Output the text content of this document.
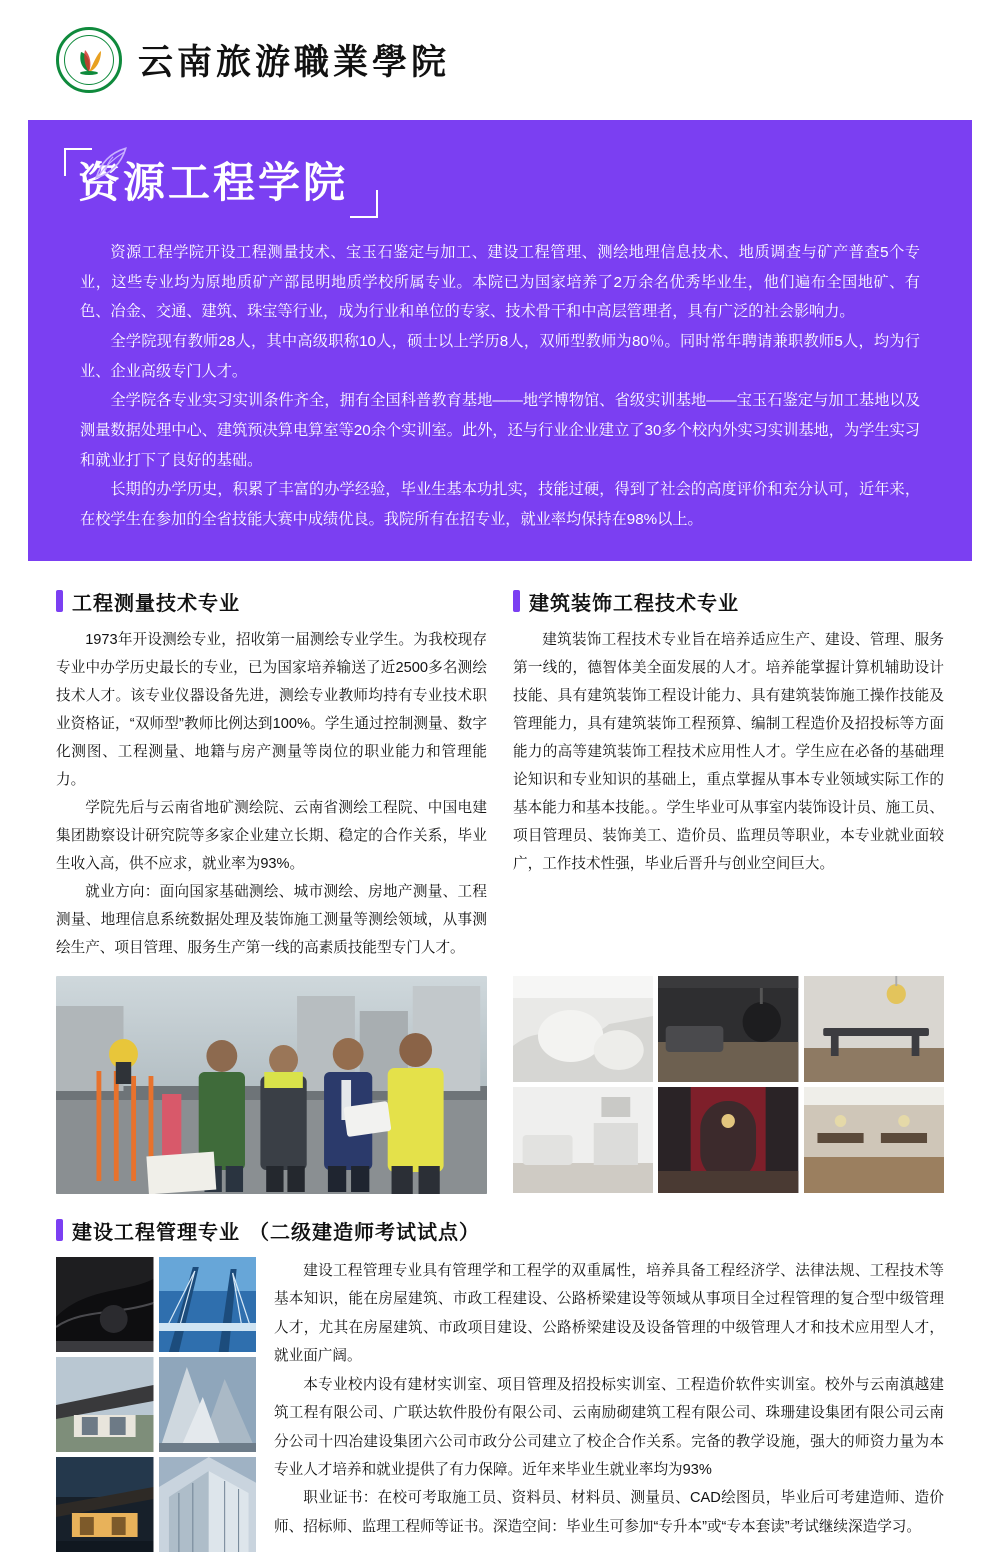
云南旅游職業學院
资源工程学院

资源工程学院开设工程测量技术、宝玉石鉴定与加工、建设工程管理、测绘地理信息技术、地质调查与矿产普查5个专业，这些专业均为原地质矿产部昆明地质学校所属专业。本院已为国家培养了2万余名优秀毕业生，他们遍布全国地矿、有色、冶金、交通、建筑、珠宝等行业，成为行业和单位的专家、技术骨干和中高层管理者，具有广泛的社会影响力。

全学院现有教师28人，其中高级职称10人，硕士以上学历8人，双师型教师为80％。同时常年聘请兼职教师5人，均为行业、企业高级专门人才。

全学院各专业实习实训条件齐全，拥有全国科普教育基地——地学博物馆、省级实训基地——宝玉石鉴定与加工基地以及测量数据处理中心、建筑预决算电算室等20余个实训室。此外，还与行业企业建立了30多个校内外实习实训基地，为学生实习和就业打下了良好的基础。

长期的办学历史，积累了丰富的办学经验，毕业生基本功扎实，技能过硬，得到了社会的高度评价和充分认可，近年来，在校学生在参加的全省技能大赛中成绩优良。我院所有在招专业，就业率均保持在98%以上。

工程测量技术专业

1973年开设测绘专业，招收第一届测绘专业学生。为我校现存专业中办学历史最长的专业，已为国家培养输送了近2500多名测绘技术人才。该专业仪器设备先进，测绘专业教师均持有专业技术职业资格证，“双师型”教师比例达到100%。学生通过控制测量、数字化测图、工程测量、地籍与房产测量等岗位的职业能力和管理能力。

学院先后与云南省地矿测绘院、云南省测绘工程院、中国电建集团勘察设计研究院等多家企业建立长期、稳定的合作关系，毕业生收入高，供不应求，就业率为93%。

就业方向：面向国家基础测绘、城市测绘、房地产测量、工程测量、地理信息系统数据处理及装饰施工测量等测绘领域，从事测绘生产、项目管理、服务生产第一线的高素质技能型专门人才。

建筑装饰工程技术专业

建筑装饰工程技术专业旨在培养适应生产、建设、管理、服务第一线的，德智体美全面发展的人才。培养能掌握计算机辅助设计技能、具有建筑装饰工程设计能力、具有建筑装饰施工操作技能及管理能力，具有建筑装饰工程预算、编制工程造价及招投标等方面能力的高等建筑装饰工程技术应用性人才。学生应在必备的基础理论知识和专业知识的基础上，重点掌握从事本专业领域实际工作的基本能力和基本技能。。学生毕业可从事室内装饰设计员、施工员、项目管理员、装饰美工、造价员、监理员等职业，本专业就业面较广，工作技术性强，毕业后晋升与创业空间巨大。

建设工程管理专业 （二级建造师考试试点）

建设工程管理专业具有管理学和工程学的双重属性，培养具备工程经济学、法律法规、工程技术等基本知识，能在房屋建筑、市政工程建设、公路桥梁建设等领域从事项目全过程管理的复合型中级管理人才，尤其在房屋建筑、市政项目建设、公路桥梁建设及设备管理的中级管理人才和技术应用型人才，就业面广阔。

本专业校内设有建材实训室、项目管理及招投标实训室、工程造价软件实训室。校外与云南滇越建筑工程有限公司、广联达软件股份有限公司、云南励砌建筑工程有限公司、珠珊建设集团有限公司云南分公司十四冶建设集团六公司市政分公司建立了校企合作关系。完备的教学设施，强大的师资力量为本专业人才培养和就业提供了有力保障。近年来毕业生就业率均为93%

职业证书：在校可考取施工员、资料员、材料员、测量员、CAD绘图员，毕业后可考建造师、造价师、招标师、监理工程师等证书。深造空间：毕业生可参加“专升本”或“专本套读”考试继续深造学习。
